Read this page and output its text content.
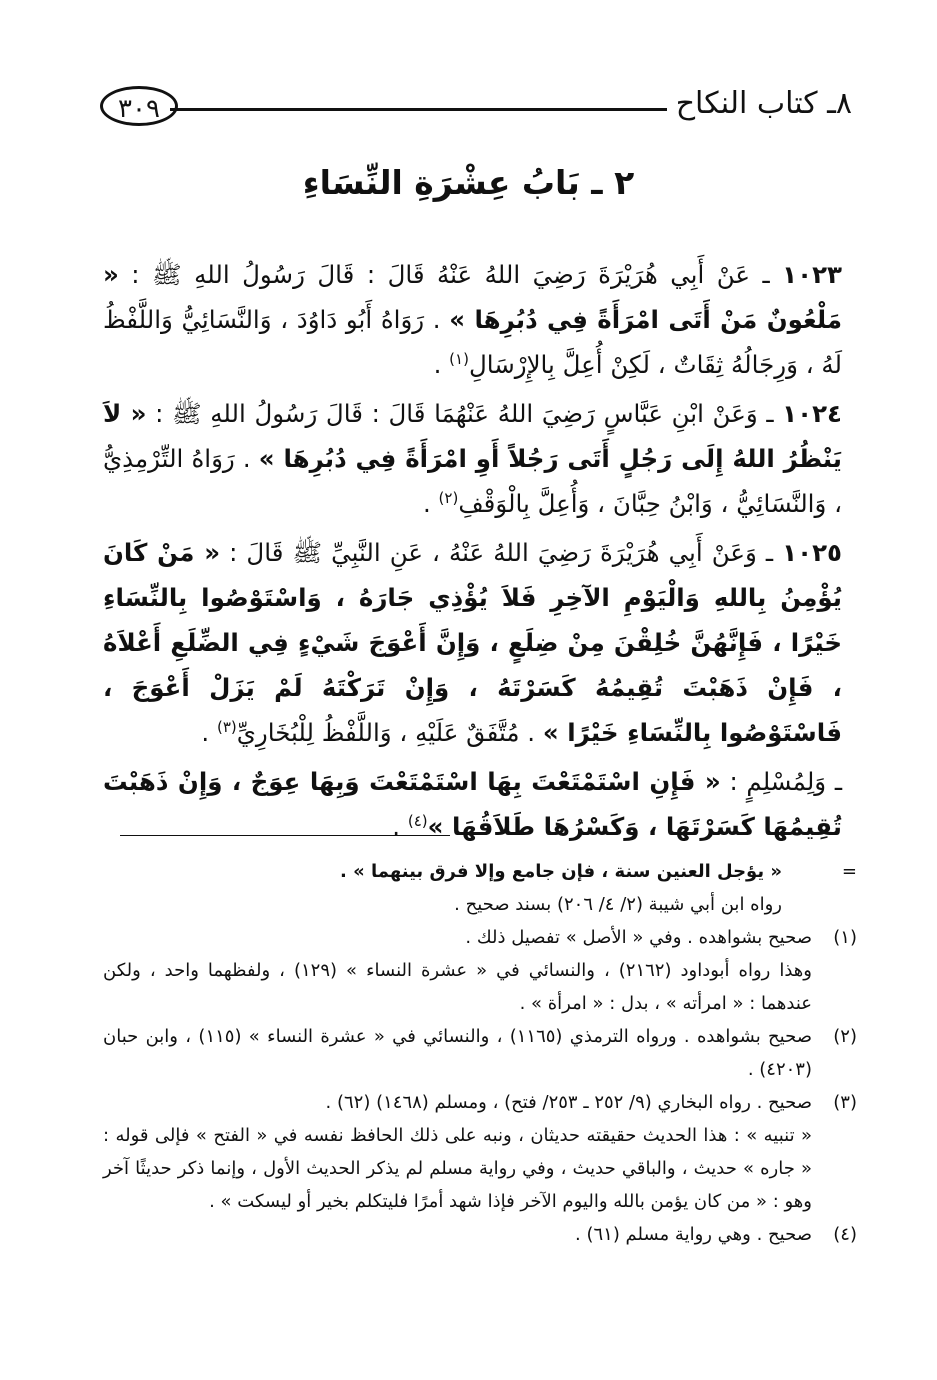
٨ـ كتاب النكاح
٣٠٩
٢ ـ بَابُ عِشْرَةِ النِّسَاءِ

١٠٢٣ ـ عَنْ أَبِي هُرَيْرَةَ رَضِيَ اللهُ عَنْهُ قَالَ : قَالَ رَسُولُ اللهِ ﷺ : « مَلْعُونٌ مَنْ أَتَى امْرَأَةً فِي دُبُرِهَا » . رَوَاهُ أَبُو دَاوُدَ ، وَالنَّسَائِيُّ وَاللَّفْظُ لَهُ ، وَرِجَالُهُ ثِقَاتٌ ، لَكِنْ أُعِلَّ بِالإِرْسَالِ$^{(١)}$ .

١٠٢٤ ـ وَعَنْ ابْنِ عَبَّاسٍ رَضِيَ اللهُ عَنْهُمَا قَالَ : قَالَ رَسُولُ اللهِ ﷺ : « لاَ يَنْظُرُ اللهُ إِلَى رَجُلٍ أَتَى رَجُلاً أَوِ امْرَأَةً فِي دُبُرِهَا » . رَوَاهُ التِّرْمِذِيُّ ، وَالنَّسَائِيُّ ، وَابْنُ حِبَّانَ ، وَأُعِلَّ بِالْوَقْفِ$^{(٢)}$ .

١٠٢٥ ـ وَعَنْ أَبِي هُرَيْرَةَ رَضِيَ اللهُ عَنْهُ ، عَنِ النَّبِيِّ ﷺ قَالَ : « مَنْ كَانَ يُؤْمِنُ بِاللهِ وَالْيَوْمِ الآخِرِ فَلاَ يُؤْذِي جَارَهُ ، وَاسْتَوْصُوا بِالنِّسَاءِ خَيْرًا ، فَإِنَّهُنَّ خُلِقْنَ مِنْ ضِلَعٍ ، وَإِنَّ أَعْوَجَ شَيْءٍ فِي الضِّلَعِ أَعْلاَهُ ، فَإِنْ ذَهَبْتَ تُقِيمُهُ كَسَرْتَهُ ، وَإِنْ تَرَكْتَهُ لَمْ يَزَلْ أَعْوَجَ ، فَاسْتَوْصُوا بِالنِّسَاءِ خَيْرًا » . مُتَّفَقٌ عَلَيْهِ ، وَاللَّفْظُ لِلْبُخَارِيِّ$^{(٣)}$ .

ـ وَلِمُسْلِمٍ : « فَإِنِ اسْتَمْتَعْتَ بِهَا اسْتَمْتَعْتَ وَبِهَا عِوَجٌ ، وَإِنْ ذَهَبْتَ تُقِيمُهَا كَسَرْتَهَا ، وَكَسْرُهَا طَلاَقُهَا »$^{(٤)}$ .

=

« يؤجل العنين سنة ، فإن جامع وإلا فرق بينهما » .

رواه ابن أبي شيبة (٢/ ٤/ ٢٠٦) بسند صحيح .

(١)

صحيح بشواهده . وفي « الأصل » تفصيل ذلك .

وهذا رواه أبوداود (٢١٦٢) ، والنسائي في « عشرة النساء » (١٢٩) ، ولفظهما واحد ، ولكن عندهما : « امرأته » ، بدل : « امرأة » .

(٢)

صحيح بشواهده . ورواه الترمذي (١١٦٥) ، والنسائي في « عشرة النساء » (١١٥) ، وابن حبان (٤٢٠٣) .

(٣)

صحيح . رواه البخاري (٩/ ٢٥٢ ـ ٢٥٣/ فتح) ، ومسلم (١٤٦٨) (٦٢) .

« تنبيه » : هذا الحديث حقيقته حديثان ، ونبه على ذلك الحافظ نفسه في « الفتح » فإلى قوله : « جاره » حديث ، والباقي حديث ، وفي رواية مسلم لم يذكر الحديث الأول ، وإنما ذكر حديثًا آخر وهو : « من كان يؤمن بالله واليوم الآخر فإذا شهد أمرًا فليتكلم بخير أو ليسكت » .

(٤)

صحيح . وهي رواية مسلم (٦١) .
